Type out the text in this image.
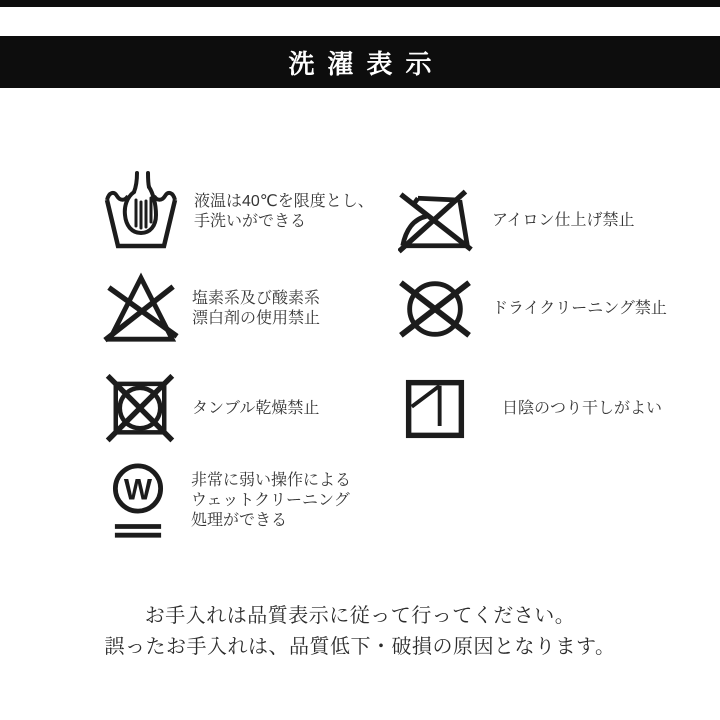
洗濯表示
液温は40℃を限度とし、
手洗いができる
塩素系及び酸素系
漂白剤の使用禁止
タンブル乾燥禁止
W 非常に弱い操作による
ウェットクリーニング
処理ができる
アイロン仕上げ禁止
ドライクリーニング禁止
日陰のつり干しがよい
お手入れは品質表示に従って行ってください。
誤ったお手入れは、品質低下・破損の原因となります。
